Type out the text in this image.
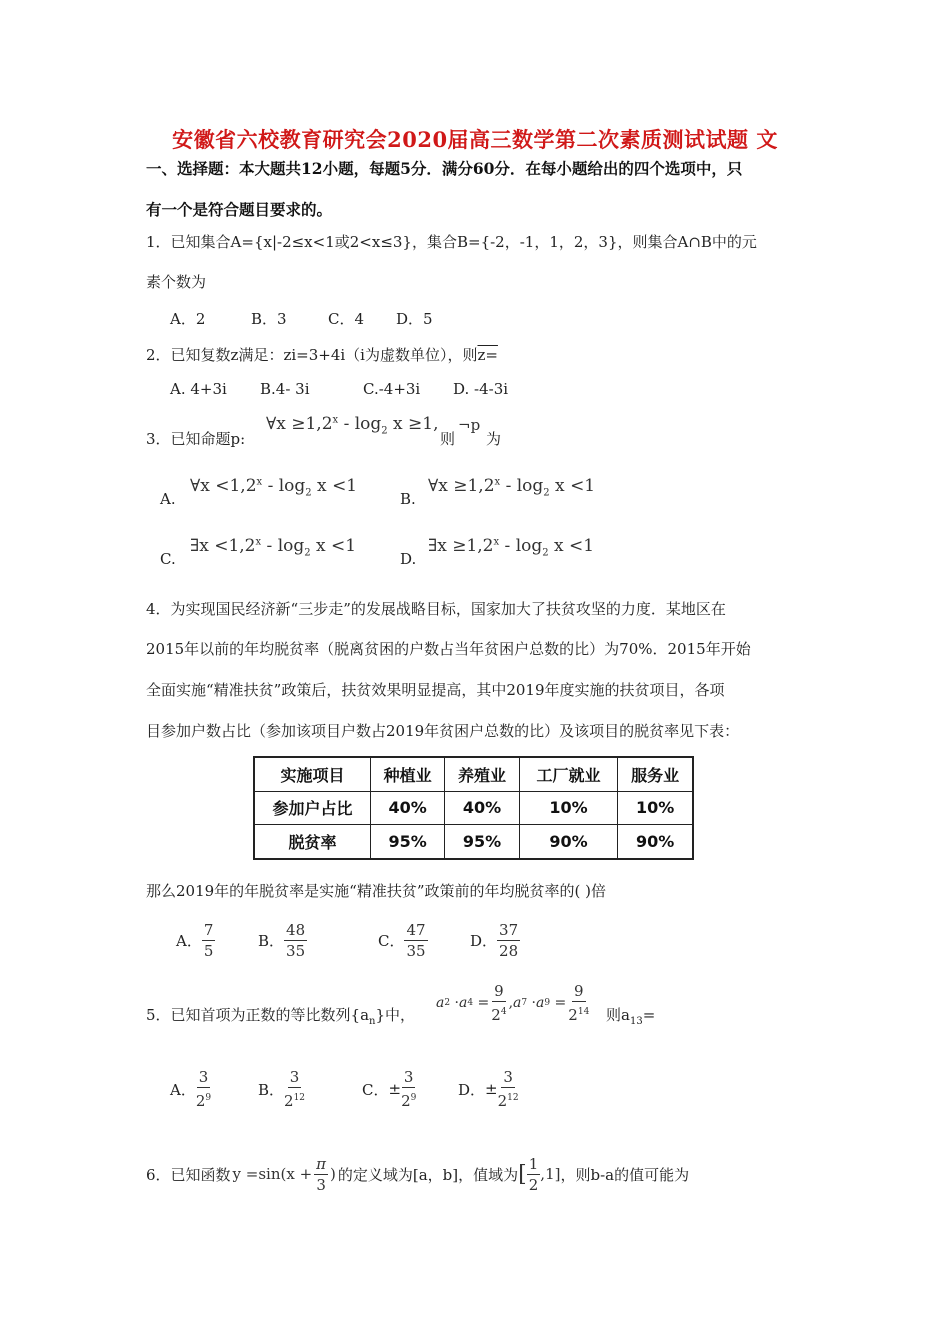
安徽省六校教育研究会2020届高三数学第二次素质测试试题 文
一、选择题：本大题共12小题，每题5分．满分60分．在每小题给出的四个选项中，只
有一个是符合题目要求的。
1．已知集合A={x|-2≤x<1或2<x≤3}，集合B={-2，-1，1，2，3}，则集合A∩B中的元
素个数为
A．2	B．3	C．4 D．5
2．已知复数z满足：zi=3+4i（i为虚数单位），则z=
A. 4+3i B.4- 3i	C.-4+3i D. -4-3i
3．已知命题p:
∀x $\ge 1,2^x - \log_2 x \ge 1$,
则
¬p
为
A.
∀x $<1,2^x - \log_2 x <1$
B.
∀x $\ge 1,2^x - \log_2 x <1$
C.
∃x $<1,2^x - \log_2 x <1$
D.
∃x $\ge 1,2^x - \log_2 x <1$
4．为实现国民经济新“三步走”的发展战略目标，国家加大了扶贫攻坚的力度．某地区在
2015年以前的年均脱贫率（脱离贫困的户数占当年贫困户总数的比）为70%．2015年开始
全面实施“精准扶贫”政策后，扶贫效果明显提高，其中2019年度实施的扶贫项目，各项
目参加户数占比（参加该项目户数占2019年贫困户总数的比）及该项目的脱贫率见下表：
实施项目	种植业	养殖业	工厂就业	服务业
参加户占比	40%	40%	10%	10%
脱贫率	95%	95%	90%	90%
那么2019年的年脱贫率是实施“精准扶贫”政策前的年均脱贫率的( )倍
A． $\frac{7}{5}$	B． $\frac{48}{35}$	C． $\frac{47}{35}$	D． $\frac{37}{28}$
5．已知首项为正数的等比数列$\{a_n\}$中，
a 2 · a $4 = \frac{9}{2^4}$ , a 7 · a $9 = \frac{9}{2^{14}}$ 则$a_{13}=$
A． $\frac{3}{2^9}$	B． $\frac{3}{2^{12}}$	C． ± $\frac{3}{2^9}$	D． ± $\frac{3}{2^{12}}$
6．已知函数 $y =\sin(x + \frac{\pi}{3}$ ) 的定义域为[a，b]，值域为 [ $\frac{1}{2} ,1$] ，则b-a的值可能为
